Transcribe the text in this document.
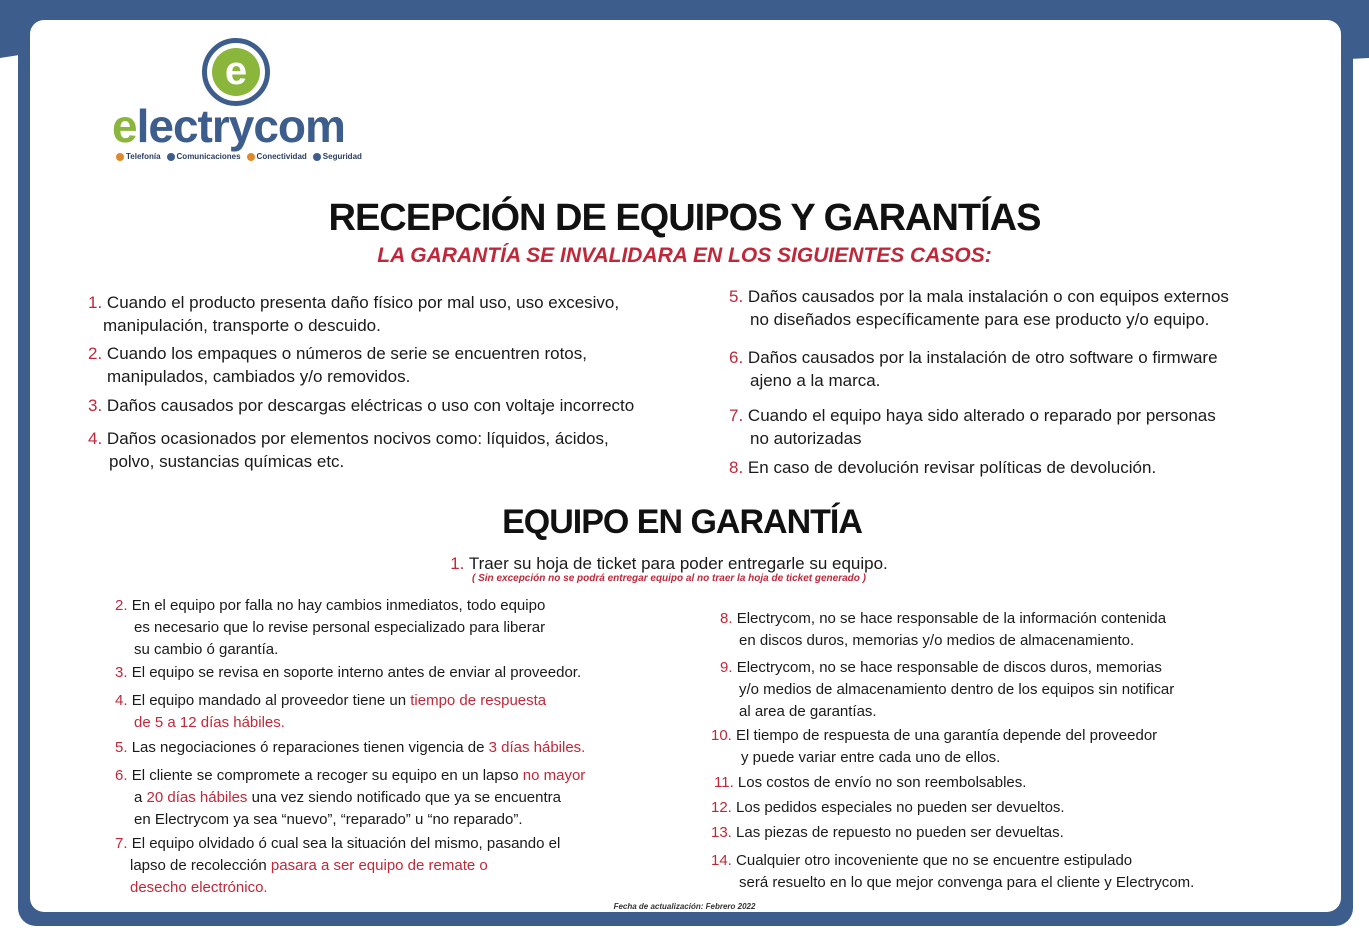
e
electrycom
Telefonía Comunicaciones Conectividad Seguridad
POLITICAS
DE GARANTÍAS
RECEPCIÓN DE EQUIPOS Y GARANTÍAS
LA GARANTÍA SE INVALIDARA EN LOS SIGUIENTES CASOS:
1. Cuando el producto presenta daño físico por mal uso, uso excesivo,
manipulación, transporte o descuido.
2. Cuando los empaques o números de serie se encuentren rotos,
manipulados, cambiados y/o removidos.
3. Daños causados por descargas eléctricas o uso con voltaje incorrecto
4. Daños ocasionados por elementos nocivos como: líquidos, ácidos,
polvo, sustancias químicas etc.
5. Daños causados por la mala instalación o con equipos externos
no diseñados específicamente para ese producto y/o equipo.
6. Daños causados por la instalación de otro software o firmware
ajeno a la marca.
7. Cuando el equipo haya sido alterado o reparado por personas
no autorizadas
8. En caso de devolución revisar políticas de devolución.
EQUIPO EN GARANTÍA
1. Traer su hoja de ticket para poder entregarle su equipo.
( Sin excepción no se podrá entregar equipo al no traer la hoja de ticket generado )
2. En el equipo por falla no hay cambios inmediatos, todo equipo
es necesario que lo revise personal especializado para liberar
su cambio ó garantía.
3. El equipo se revisa en soporte interno antes de enviar al proveedor.
4. El equipo mandado al proveedor tiene un tiempo de respuesta
de 5 a 12 días hábiles.
5. Las negociaciones ó reparaciones tienen vigencia de 3 días hábiles.
6. El cliente se compromete a recoger su equipo en un lapso no mayor
a 20 días hábiles una vez siendo notificado que ya se encuentra
en Electrycom ya sea “nuevo”, “reparado” u “no reparado”.
7. El equipo olvidado ó cual sea la situación del mismo, pasando el
lapso de recolección pasara a ser equipo de remate o
desecho electrónico.
8. Electrycom, no se hace responsable de la información contenida
en discos duros, memorias y/o medios de almacenamiento.
9. Electrycom, no se hace responsable de discos duros, memorias
y/o medios de almacenamiento dentro de los equipos sin notificar
al area de garantías.
10. El tiempo de respuesta de una garantía depende del proveedor
y puede variar entre cada uno de ellos.
11. Los costos de envío no son reembolsables.
12. Los pedidos especiales no pueden ser devueltos.
13. Las piezas de repuesto no pueden ser devueltas.
14. Cualquier otro incoveniente que no se encuentre estipulado
será resuelto en lo que mejor convenga para el cliente y Electrycom.
Fecha de actualización: Febrero 2022
